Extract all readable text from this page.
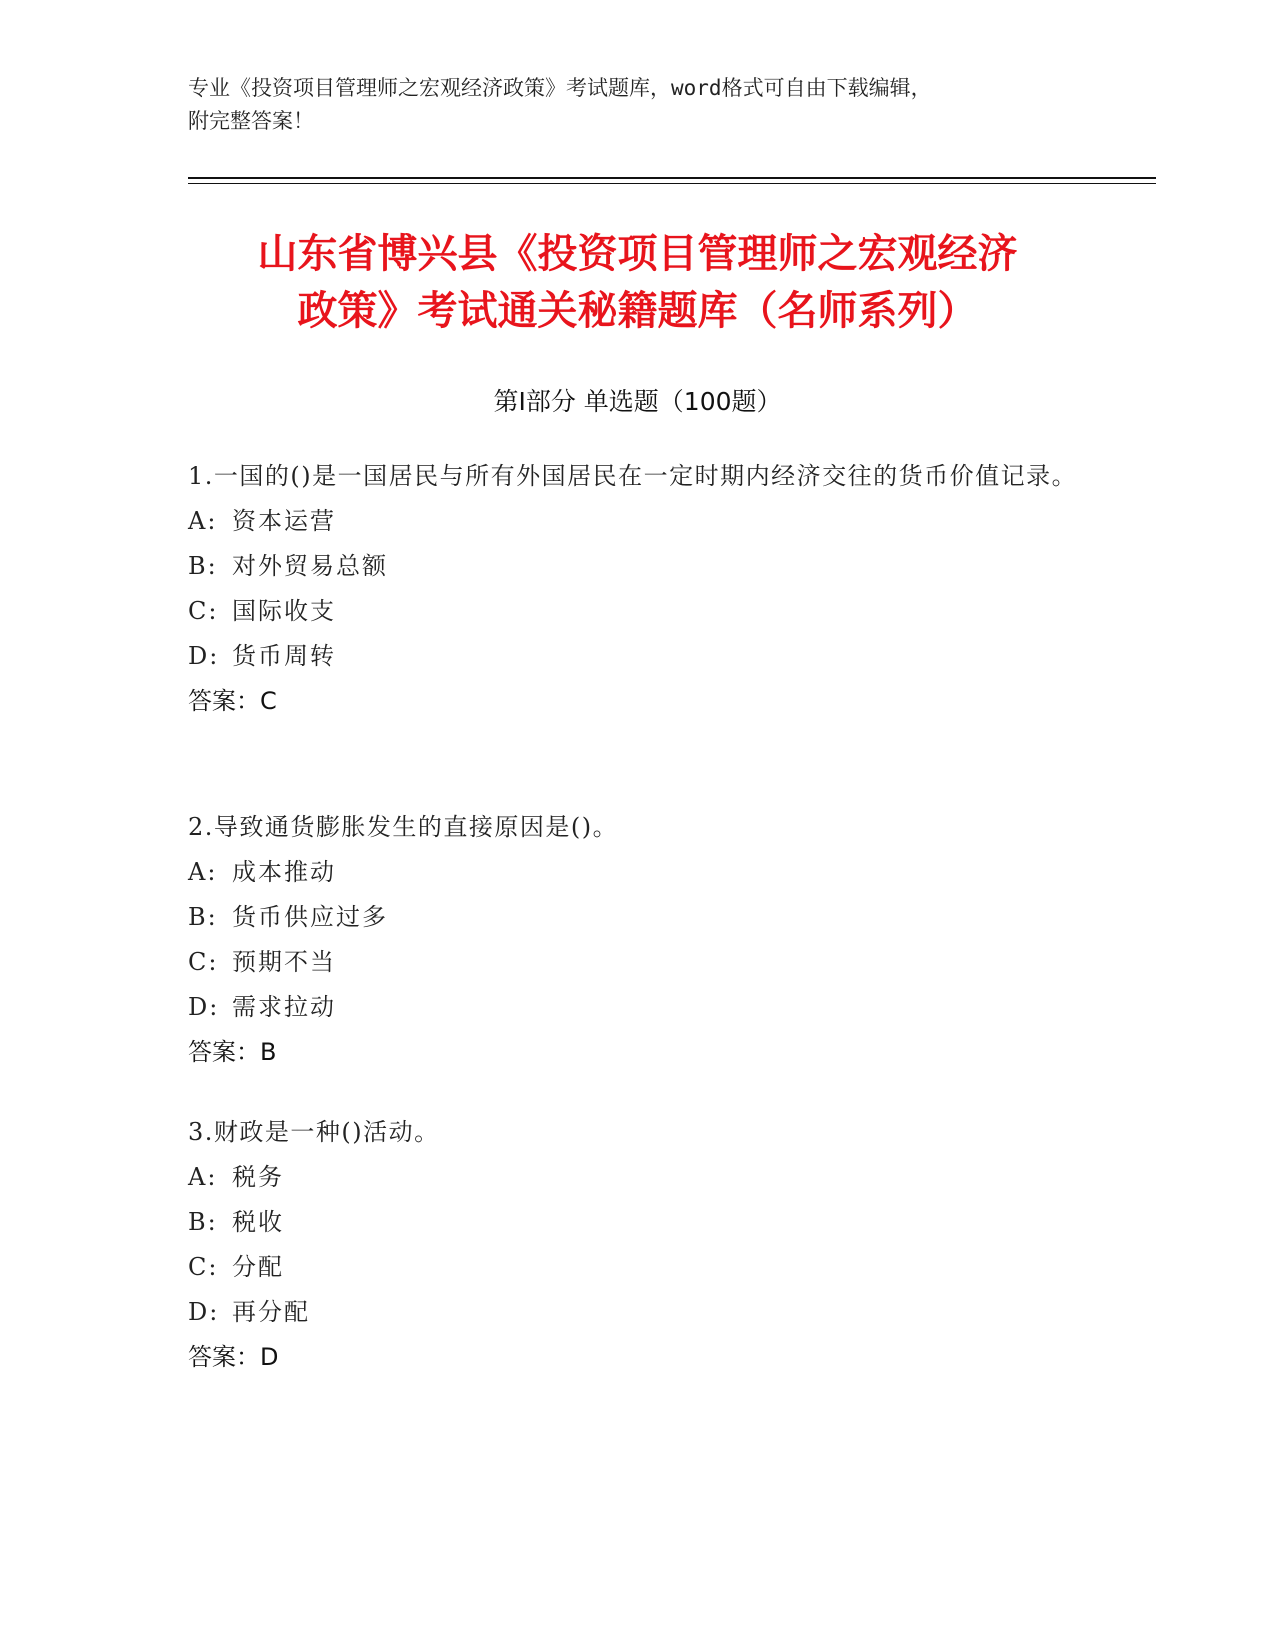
专业《投资项目管理师之宏观经济政策》考试题库，word格式可自由下载编辑，
附完整答案！
山东省博兴县《投资项目管理师之宏观经济
政策》考试通关秘籍题库（名师系列）
第Ⅰ部分 单选题（100题）
1.一国的()是一国居民与所有外国居民在一定时期内经济交往的货币价值记录。
A: 资本运营
B: 对外贸易总额
C: 国际收支
D: 货币周转
答案：C
2.导致通货膨胀发生的直接原因是()。
A: 成本推动
B: 货币供应过多
C: 预期不当
D: 需求拉动
答案：B
3.财政是一种()活动。
A: 税务
B: 税收
C: 分配
D: 再分配
答案：D
